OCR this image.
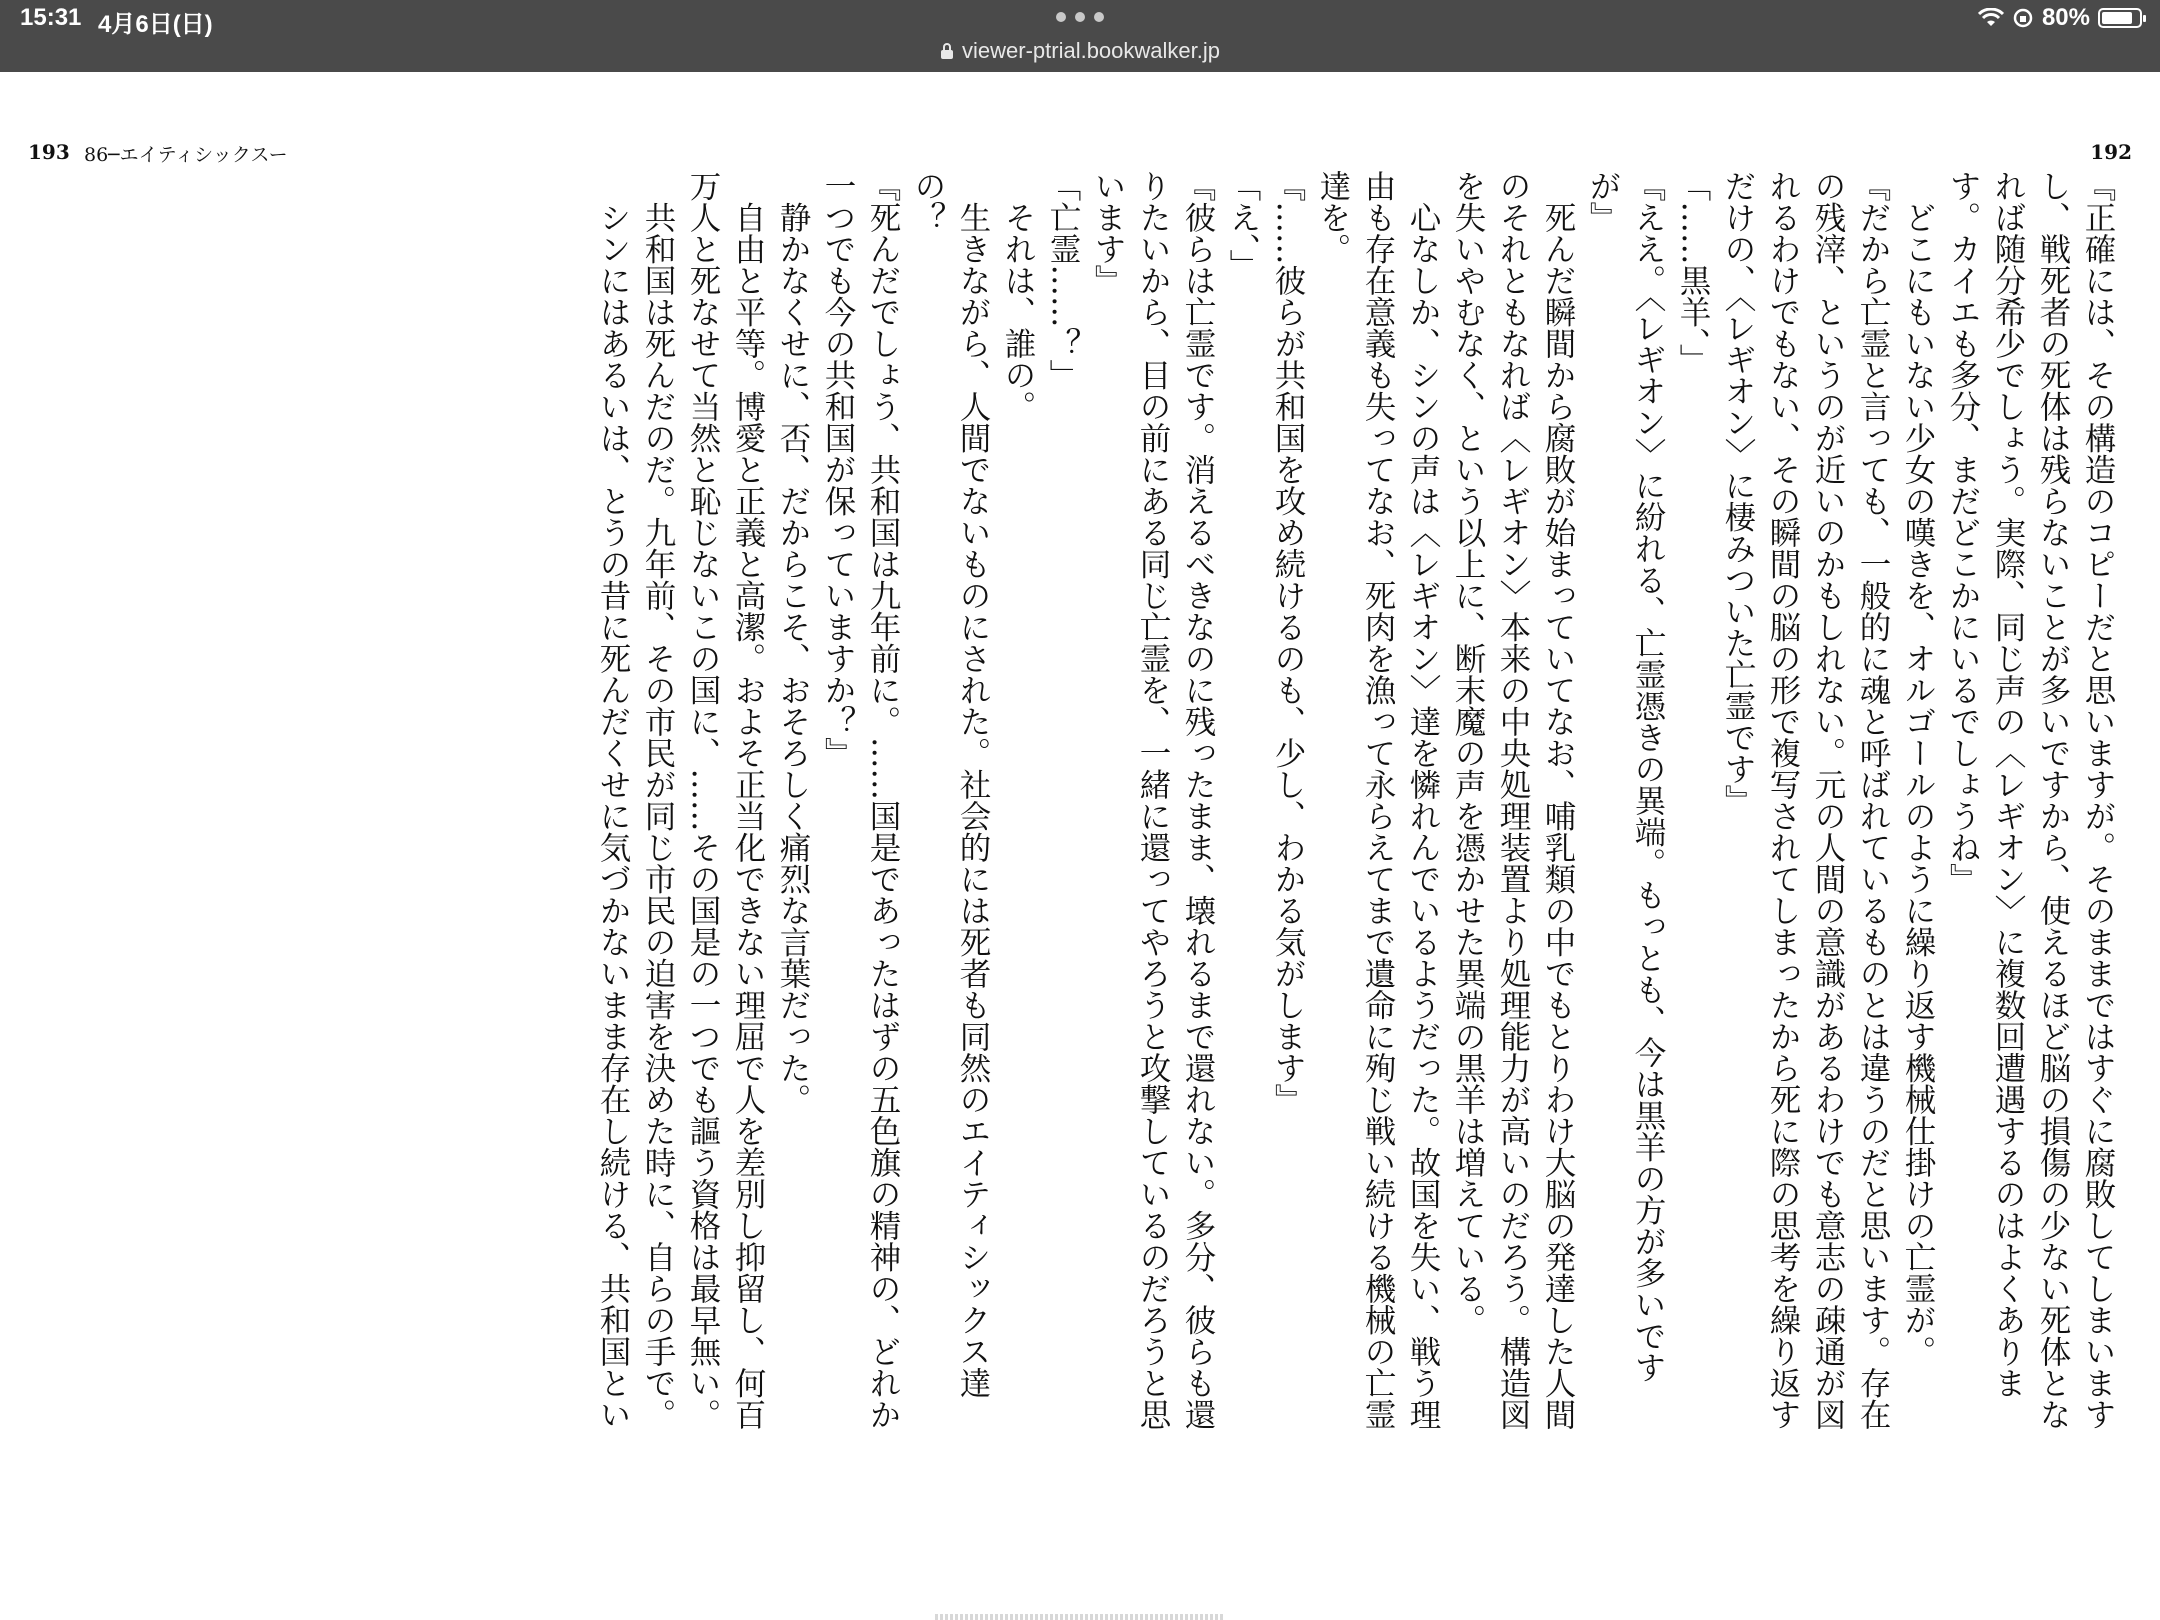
15:31 4月6日(日)
viewer-ptrial.bookwalker.jp
80%
193 86─エイティシックスー	192
『正確には、その構造のコピーだと思いますが。そのままではすぐに腐敗してしまいます
し、戦死者の死体は残らないことが多いですから、使えるほど脳の損傷の少ない死体とな
れば随分希少でしょう。実際、同じ声の〈レギオン〉に複数回遭遇するのはよくありま
す。カイエも多分、まだどこかにいるでしょうね』
　どこにもいない少女の嘆きを、オルゴールのように繰り返す機械仕掛けの亡霊が。
『だから亡霊と言っても、一般的に魂と呼ばれているものとは違うのだと思います。存在
の残滓、というのが近いのかもしれない。元の人間の意識があるわけでも意志の疎通が図
れるわけでもない、その瞬間の脳の形で複写されてしまったから死に際の思考を繰り返す
だけの、〈レギオン〉に棲みついた亡霊です』
「……黒羊、」
『ええ。〈レギオン〉に紛れる、亡霊憑きの異端。もっとも、今は黒羊の方が多いです
が』
　死んだ瞬間から腐敗が始まっていてなお、哺乳類の中でもとりわけ大脳の発達した人間
のそれともなれば〈レギオン〉本来の中央処理装置より処理能力が高いのだろう。構造図
を失いやむなく、という以上に、断末魔の声を憑かせた異端の黒羊は増えている。
　心なしか、シンの声は〈レギオン〉達を憐れんでいるようだった。故国を失い、戦う理
由も存在意義も失ってなお、死肉を漁って永らえてまで遺命に殉じ戦い続ける機械の亡霊
達を。
『……彼らが共和国を攻め続けるのも、少し、わかる気がします』
「え、」
『彼らは亡霊です。消えるべきなのに残ったまま、壊れるまで還れない。多分、彼らも還
りたいから、目の前にある同じ亡霊を、一緒に還ってやろうと攻撃しているのだろうと思
います』
「亡霊……？」
　それは、誰の。
　生きながら、人間でないものにされた。社会的には死者も同然のエイティシックス達
の？
『死んだでしょう、共和国は九年前に。……国是であったはずの五色旗の精神の、どれか
一つでも今の共和国が保っていますか？』
　静かなくせに、否、だからこそ、おそろしく痛烈な言葉だった。
　自由と平等。博愛と正義と高潔。およそ正当化できない理屈で人を差別し抑留し、何百
万人と死なせて当然と恥じないこの国に、……その国是の一つでも謳う資格は最早無い。
　共和国は死んだのだ。九年前、その市民が同じ市民の迫害を決めた時に、自らの手で。
　シンにはあるいは、とうの昔に死んだくせに気づかないまま存在し続ける、共和国とい
